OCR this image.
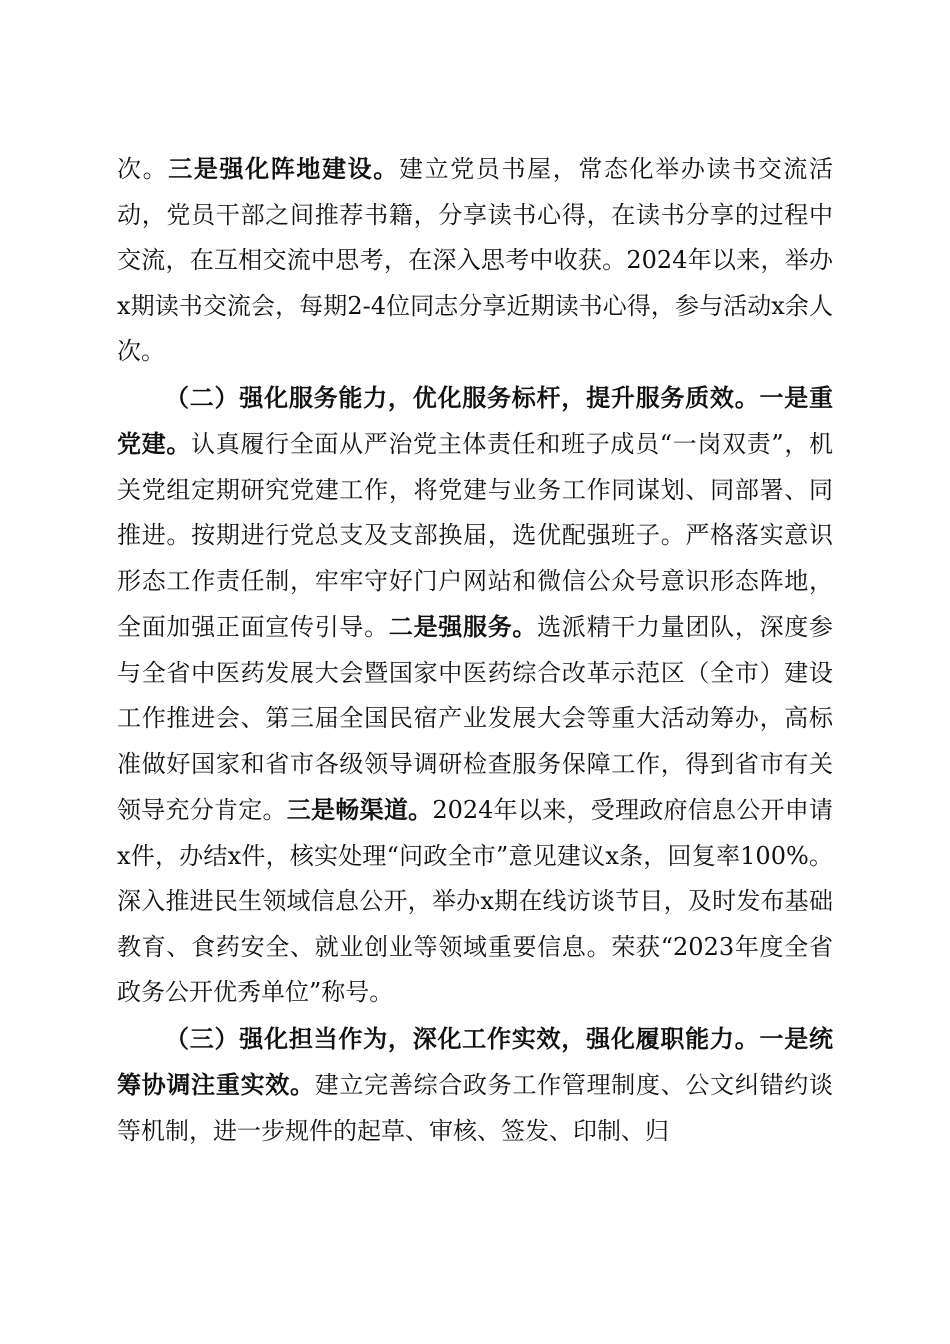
次。三是强化阵地建设。建立党员书屋，常态化举办读书交流活动，党员干部之间推荐书籍，分享读书心得，在读书分享的过程中交流，在互相交流中思考，在深入思考中收获。2024年以来，举办x期读书交流会，每期2-4位同志分享近期读书心得，参与活动x余人次。

（二）强化服务能力，优化服务标杆，提升服务质效。一是重党建。认真履行全面从严治党主体责任和班子成员“一岗双责”，机关党组定期研究党建工作，将党建与业务工作同谋划、同部署、同推进。按期进行党总支及支部换届，选优配强班子。严格落实意识形态工作责任制，牢牢守好门户网站和微信公众号意识形态阵地，全面加强正面宣传引导。二是强服务。选派精干力量团队，深度参与全省中医药发展大会暨国家中医药综合改革示范区（全市）建设工作推进会、第三届全国民宿产业发展大会等重大活动筹办，高标准做好国家和省市各级领导调研检查服务保障工作，得到省市有关领导充分肯定。三是畅渠道。2024年以来，受理政府信息公开申请x件，办结x件，核实处理“问政全市”意见建议x条，回复率100%。深入推进民生领域信息公开，举办x期在线访谈节目，及时发布基础教育、食药安全、就业创业等领域重要信息。荣获“2023年度全省政务公开优秀单位”称号。

（三）强化担当作为，深化工作实效，强化履职能力。一是统筹协调注重实效。建立完善综合政务工作管理制度、公文纠错约谈等机制，进一步规件的起草、审核、签发、印制、归
